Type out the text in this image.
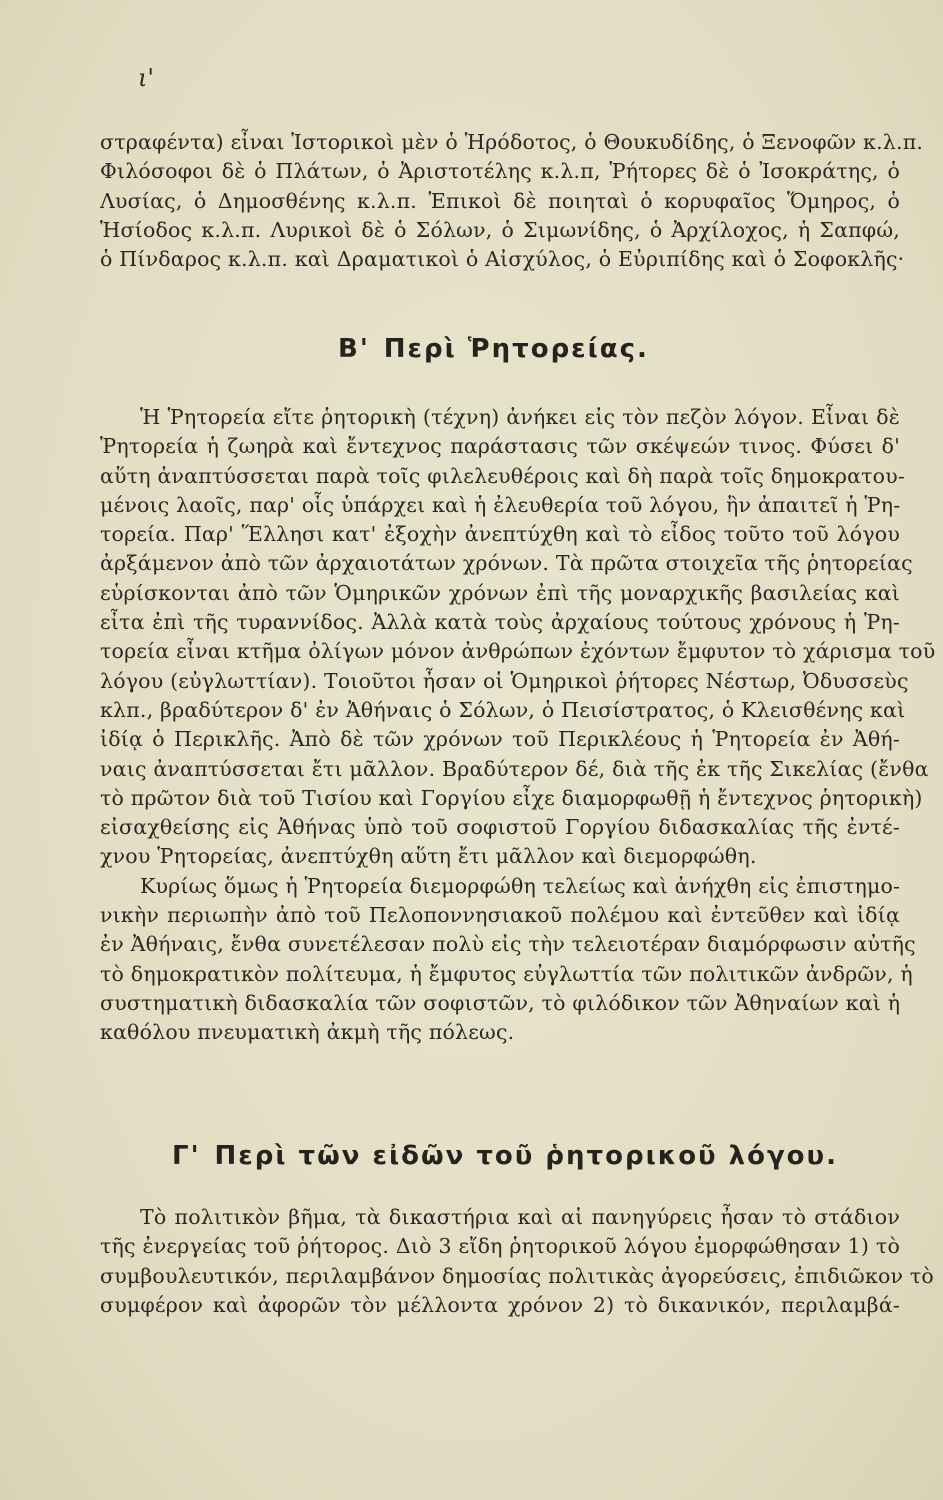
ι'
στραφέντα) εἶναι Ἱστορικοὶ μὲν ὁ Ἡρόδοτος, ὁ Θουκυδίδης, ὁ Ξενοφῶν κ.λ.π.
Φιλόσοφοι δὲ ὁ Πλάτων, ὁ Ἀριστοτέλης κ.λ.π, Ῥήτορες δὲ ὁ Ἰσοκράτης, ὁ
Λυσίας, ὁ Δημοσθένης κ.λ.π. Ἐπικοὶ δὲ ποιηταὶ ὁ κορυφαῖος Ὅμηρος, ὁ
Ἡσίοδος κ.λ.π. Λυρικοὶ δὲ ὁ Σόλων, ὁ Σιμωνίδης, ὁ Ἀρχίλοχος, ἡ Σαπφώ,
ὁ Πίνδαρος κ.λ.π. καὶ Δραματικοὶ ὁ Αἰσχύλος, ὁ Εὐριπίδης καὶ ὁ Σοφοκλῆς·
Β' Περὶ Ῥητορείας.
Ἡ Ῥητορεία εἴτε ῥητορικὴ (τέχνη) ἀνήκει εἰς τὸν πεζὸν λόγον. Εἶναι δὲ
Ῥητορεία ἡ ζωηρὰ καὶ ἔντεχνος παράστασις τῶν σκέψεών τινος. Φύσει δ'
αὕτη ἀναπτύσσεται παρὰ τοῖς φιλελευθέροις καὶ δὴ παρὰ τοῖς δημοκρατου-
μένοις λαοῖς, παρ' οἷς ὑπάρχει καὶ ἡ ἐλευθερία τοῦ λόγου, ἣν ἀπαιτεῖ ἡ Ῥη-
τορεία. Παρ' Ἕλλησι κατ' ἐξοχὴν ἀνεπτύχθη καὶ τὸ εἶδος τοῦτο τοῦ λόγου
ἀρξάμενον ἀπὸ τῶν ἀρχαιοτάτων χρόνων. Τὰ πρῶτα στοιχεῖα τῆς ῥητορείας
εὑρίσκονται ἀπὸ τῶν Ὁμηρικῶν χρόνων ἐπὶ τῆς μοναρχικῆς βασιλείας καὶ
εἶτα ἐπὶ τῆς τυραννίδος. Ἀλλὰ κατὰ τοὺς ἀρχαίους τούτους χρόνους ἡ Ῥη-
τορεία εἶναι κτῆμα ὀλίγων μόνον ἀνθρώπων ἐχόντων ἔμφυτον τὸ χάρισμα τοῦ
λόγου (εὐγλωττίαν). Τοιοῦτοι ἦσαν οἱ Ὁμηρικοὶ ῥήτορες Νέστωρ, Ὀδυσσεὺς
κλπ., βραδύτερον δ' ἐν Ἀθήναις ὁ Σόλων, ὁ Πεισίστρατος, ὁ Κλεισθένης καὶ
ἰδίᾳ ὁ Περικλῆς. Ἀπὸ δὲ τῶν χρόνων τοῦ Περικλέους ἡ Ῥητορεία ἐν Ἀθή-
ναις ἀναπτύσσεται ἔτι μᾶλλον. Βραδύτερον δέ, διὰ τῆς ἐκ τῆς Σικελίας (ἔνθα
τὸ πρῶτον διὰ τοῦ Τισίου καὶ Γοργίου εἶχε διαμορφωθῇ ἡ ἔντεχνος ῥητορικὴ)
εἰσαχθείσης εἰς Ἀθήνας ὑπὸ τοῦ σοφιστοῦ Γοργίου διδασκαλίας τῆς ἐντέ-
χνου Ῥητορείας, ἀνεπτύχθη αὕτη ἔτι μᾶλλον καὶ διεμορφώθη.
Κυρίως ὅμως ἡ Ῥητορεία διεμορφώθη τελείως καὶ ἀνήχθη εἰς ἐπιστημο-
νικὴν περιωπὴν ἀπὸ τοῦ Πελοποννησιακοῦ πολέμου καὶ ἐντεῦθεν καὶ ἰδίᾳ
ἐν Ἀθήναις, ἔνθα συνετέλεσαν πολὺ εἰς τὴν τελειοτέραν διαμόρφωσιν αὐτῆς
τὸ δημοκρατικὸν πολίτευμα, ἡ ἔμφυτος εὐγλωττία τῶν πολιτικῶν ἀνδρῶν, ἡ
συστηματικὴ διδασκαλία τῶν σοφιστῶν, τὸ φιλόδικον τῶν Ἀθηναίων καὶ ἡ
καθόλου πνευματικὴ ἀκμὴ τῆς πόλεως.
Γ' Περὶ τῶν εἰδῶν τοῦ ῥητορικοῦ λόγου.
Τὸ πολιτικὸν βῆμα, τὰ δικαστήρια καὶ αἱ πανηγύρεις ἦσαν τὸ στάδιον
τῆς ἐνεργείας τοῦ ῥήτορος. Διὸ 3 εἴδη ῥητορικοῦ λόγου ἐμορφώθησαν 1) τὸ
συμβουλευτικόν, περιλαμβάνον δημοσίας πολιτικὰς ἀγορεύσεις, ἐπιδιῶκον τὸ
συμφέρον καὶ ἀφορῶν τὸν μέλλοντα χρόνον 2) τὸ δικανικόν, περιλαμβά-
